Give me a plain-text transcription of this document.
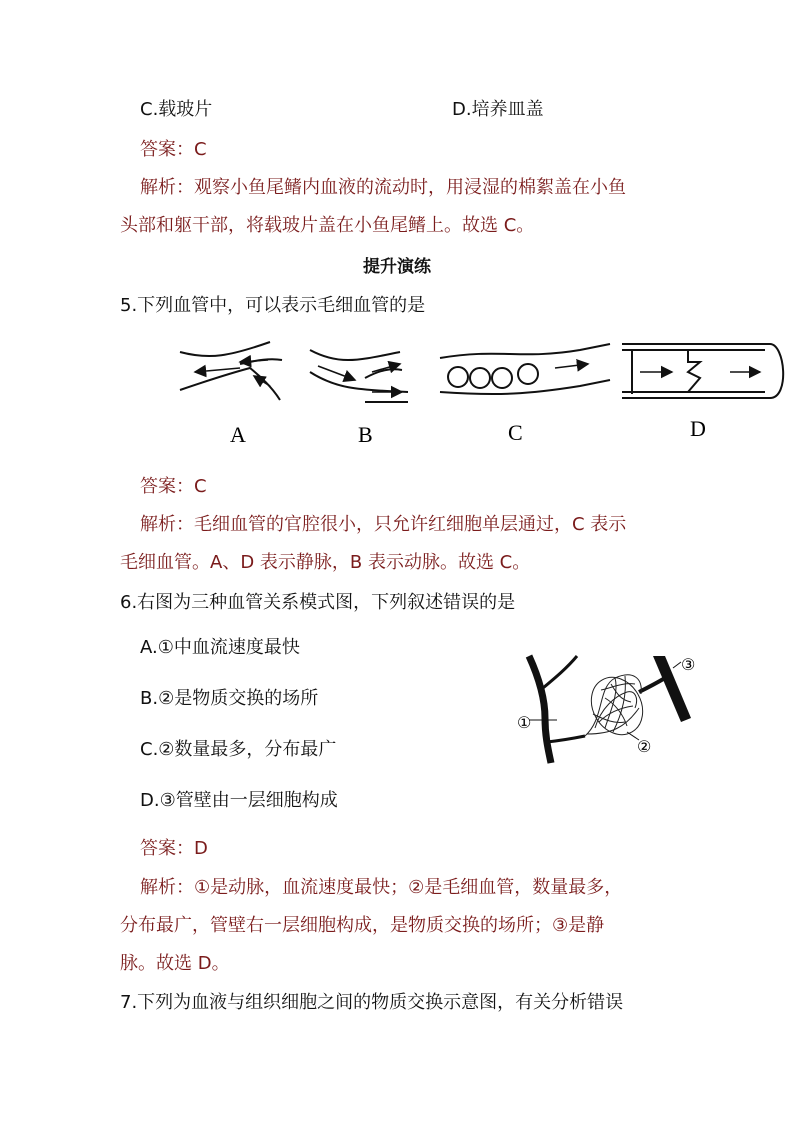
C.载玻片	D.培养皿盖
答案：C
解析：观察小鱼尾鳍内血液的流动时，用浸湿的棉絮盖在小鱼
头部和躯干部，将载玻片盖在小鱼尾鳍上。故选 C。
提升演练
5.下列血管中，可以表示毛细血管的是
A	B	C	D
答案：C
解析：毛细血管的官腔很小，只允许红细胞单层通过，C 表示
毛细血管。A、D 表示静脉，B 表示动脉。故选 C。
6.右图为三种血管关系模式图，下列叙述错误的是
A.①中血流速度最快
B.②是物质交换的场所
C.②数量最多，分布最广
D.③管壁由一层细胞构成
①
②
③
答案：D
解析：①是动脉，血流速度最快；②是毛细血管，数量最多，
分布最广，管壁右一层细胞构成，是物质交换的场所；③是静
脉。故选 D。
7.下列为血液与组织细胞之间的物质交换示意图，有关分析错误
